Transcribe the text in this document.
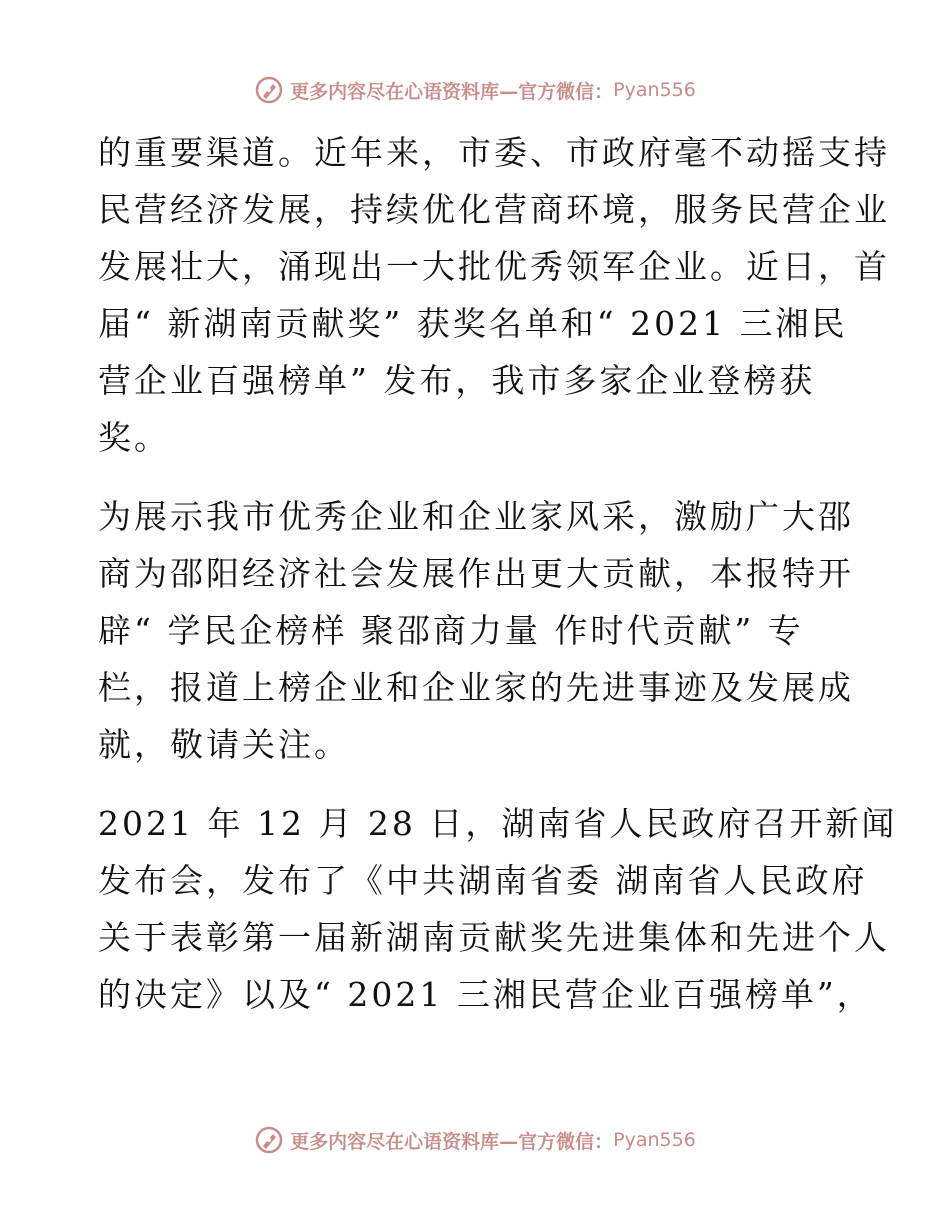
更多内容尽在心语资料库—官方微信： Pyan556
的重要渠道。近年来，市委、市政府毫不动摇支持
民营经济发展，持续优化营商环境，服务民营企业
发展壮大，涌现出一大批优秀领军企业。近日，首
届“ 新湖南贡献奖” 获奖名单和“ 2021 三湘民
营企业百强榜单” 发布，我市多家企业登榜获
奖。
为展示我市优秀企业和企业家风采，激励广大邵
商为邵阳经济社会发展作出更大贡献，本报特开
辟“ 学民企榜样 聚邵商力量 作时代贡献” 专
栏，报道上榜企业和企业家的先进事迹及发展成
就，敬请关注。
2021 年 12 月 28 日，湖南省人民政府召开新闻
发布会，发布了《中共湖南省委 湖南省人民政府
关于表彰第一届新湖南贡献奖先进集体和先进个人
的决定》以及“ 2021 三湘民营企业百强榜单”，
更多内容尽在心语资料库—官方微信： Pyan556
